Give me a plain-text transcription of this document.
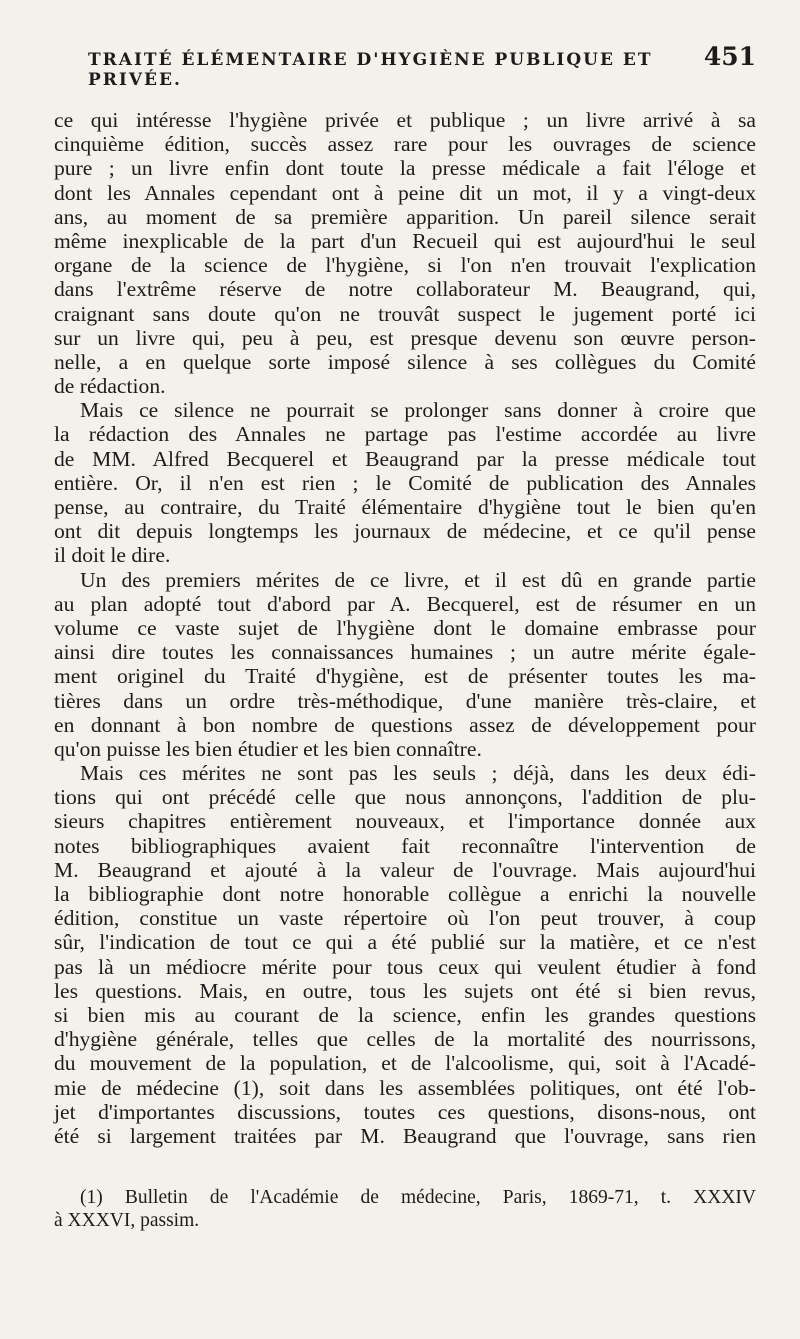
TRAITÉ ÉLÉMENTAIRE D'HYGIÈNE PUBLIQUE ET PRIVÉE.
451
ce qui intéresse l'hygiène privée et publique ; un livre arrivé à sa
cinquième édition, succès assez rare pour les ouvrages de science
pure ; un livre enfin dont toute la presse médicale a fait l'éloge et
dont les Annales cependant ont à peine dit un mot, il y a vingt-deux
ans, au moment de sa première apparition. Un pareil silence serait
même inexplicable de la part d'un Recueil qui est aujourd'hui le seul
organe de la science de l'hygiène, si l'on n'en trouvait l'explication
dans l'extrême réserve de notre collaborateur M. Beaugrand, qui,
craignant sans doute qu'on ne trouvât suspect le jugement porté ici
sur un livre qui, peu à peu, est presque devenu son œuvre person-
nelle, a en quelque sorte imposé silence à ses collègues du Comité
de rédaction.
Mais ce silence ne pourrait se prolonger sans donner à croire que
la rédaction des Annales ne partage pas l'estime accordée au livre
de MM. Alfred Becquerel et Beaugrand par la presse médicale tout
entière. Or, il n'en est rien ; le Comité de publication des Annales
pense, au contraire, du Traité élémentaire d'hygiène tout le bien qu'en
ont dit depuis longtemps les journaux de médecine, et ce qu'il pense
il doit le dire.
Un des premiers mérites de ce livre, et il est dû en grande partie
au plan adopté tout d'abord par A. Becquerel, est de résumer en un
volume ce vaste sujet de l'hygiène dont le domaine embrasse pour
ainsi dire toutes les connaissances humaines ; un autre mérite égale-
ment originel du Traité d'hygiène, est de présenter toutes les ma-
tières dans un ordre très-méthodique, d'une manière très-claire, et
en donnant à bon nombre de questions assez de développement pour
qu'on puisse les bien étudier et les bien connaître.
Mais ces mérites ne sont pas les seuls ; déjà, dans les deux édi-
tions qui ont précédé celle que nous annonçons, l'addition de plu-
sieurs chapitres entièrement nouveaux, et l'importance donnée aux
notes bibliographiques avaient fait reconnaître l'intervention de
M. Beaugrand et ajouté à la valeur de l'ouvrage. Mais aujourd'hui
la bibliographie dont notre honorable collègue a enrichi la nouvelle
édition, constitue un vaste répertoire où l'on peut trouver, à coup
sûr, l'indication de tout ce qui a été publié sur la matière, et ce n'est
pas là un médiocre mérite pour tous ceux qui veulent étudier à fond
les questions. Mais, en outre, tous les sujets ont été si bien revus,
si bien mis au courant de la science, enfin les grandes questions
d'hygiène générale, telles que celles de la mortalité des nourrissons,
du mouvement de la population, et de l'alcoolisme, qui, soit à l'Acadé-
mie de médecine (1), soit dans les assemblées politiques, ont été l'ob-
jet d'importantes discussions, toutes ces questions, disons-nous, ont
été si largement traitées par M. Beaugrand que l'ouvrage, sans rien
(1) Bulletin de l'Académie de médecine, Paris, 1869-71, t. XXXIV
à XXXVI, passim.
